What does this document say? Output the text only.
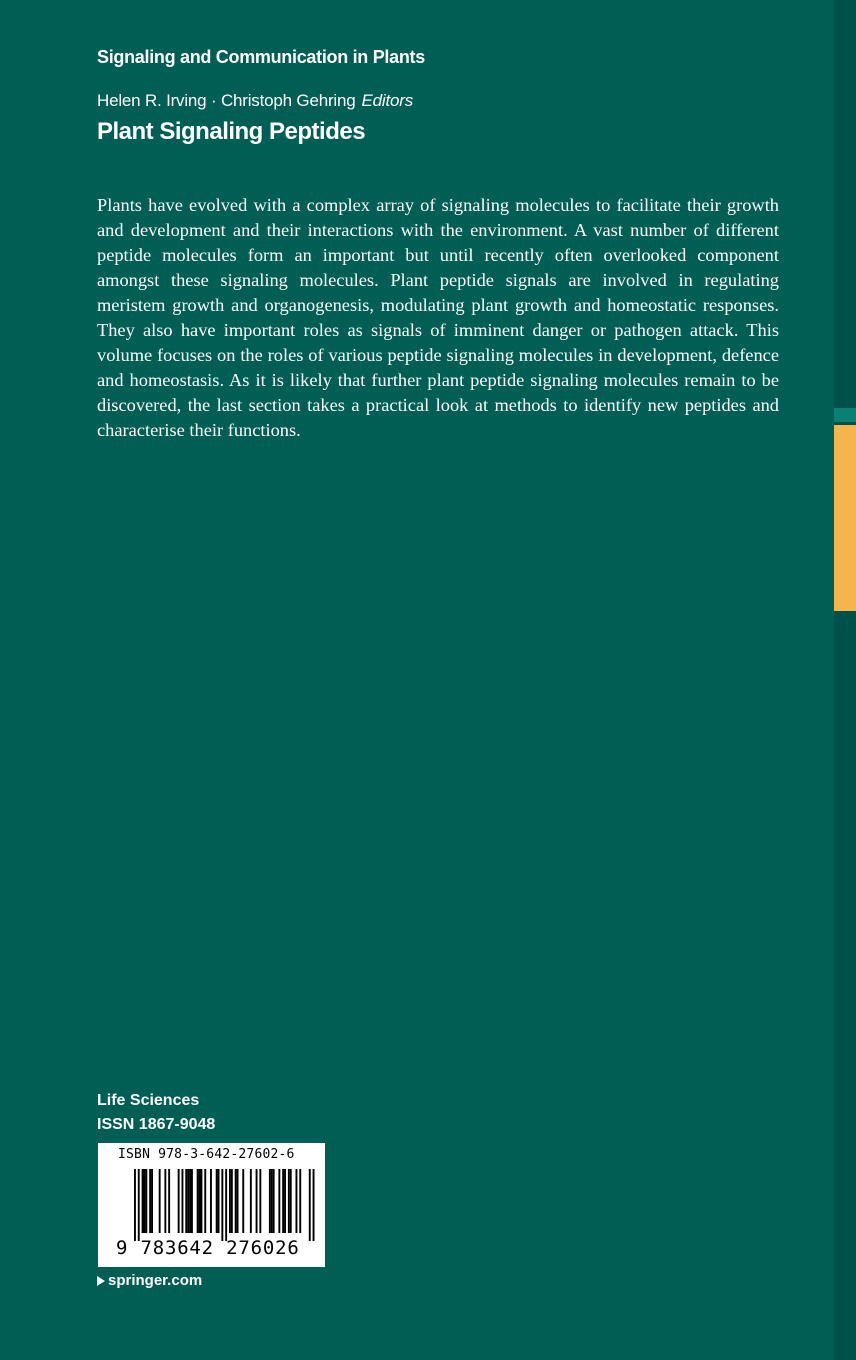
Signaling and Communication in Plants
Helen R. Irving · Christoph Gehring Editors
Plant Signaling Peptides

Plants have evolved with a complex array of signaling molecules to facilitate their growth and development and their interactions with the environment. A vast number of different peptide molecules form an important but until recently often overlooked component amongst these signaling molecules. Plant peptide signals are involved in regulating meristem growth and organogenesis, modulating plant growth and homeostatic responses. They also have important roles as signals of imminent danger or pathogen attack. This volume focuses on the roles of various peptide signaling molecules in development, defence and homeostasis. As it is likely that further plant peptide signaling molecules remain to be discovered, the last section takes a practical look at methods to identify new peptides and characterise their functions.

Life Sciences
ISSN 1867-9048
ISBN 978-3-642-27602-6
9 783642 276026
springer.com
